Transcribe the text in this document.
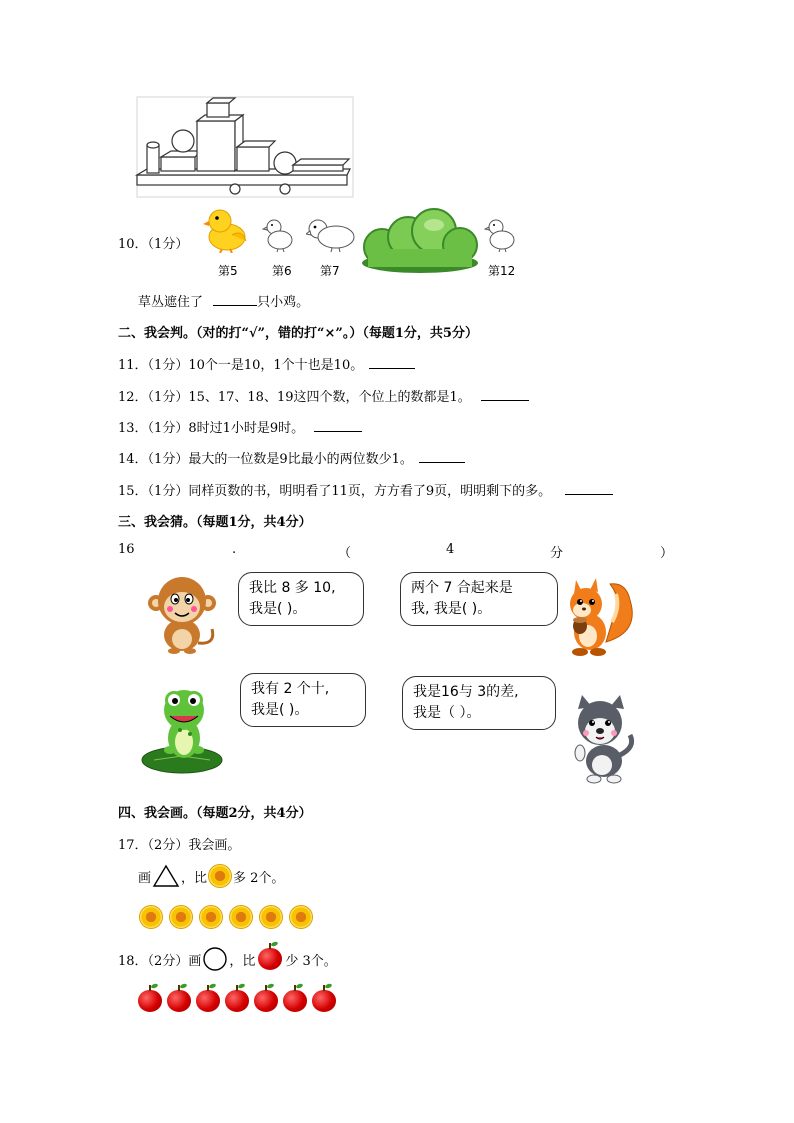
10．（1分）
第5	第6 第7	第12
草丛遮住了	只小鸡。
二、我会判。（对的打“√”，错的打“×”。）（每题1分，共5分）
11．（1分）10个一是10，1个十也是10。
12．（1分）15、17、18、19这四个数，个位上的数都是1。
13．（1分）8时过1小时是9时。
14．（1分）最大的一位数是9比最小的两位数少1。
15．（1分）同样页数的书，明明看了11页，方方看了9页，明明剩下的多。
三、我会猜。（每题1分，共4分）
16	.	（	4	分	）
我比 8 多 10,
我是( )。
两个 7 合起来是
我, 我是( )。
我有 2 个十,
我是( )。
我是16与 3的差,
我是（ ）。
四、我会画。（每题2分，共4分）
17．（2分）我会画。
画 ，比 多 2个。
18．（2分）画 ，比 少 3个。
